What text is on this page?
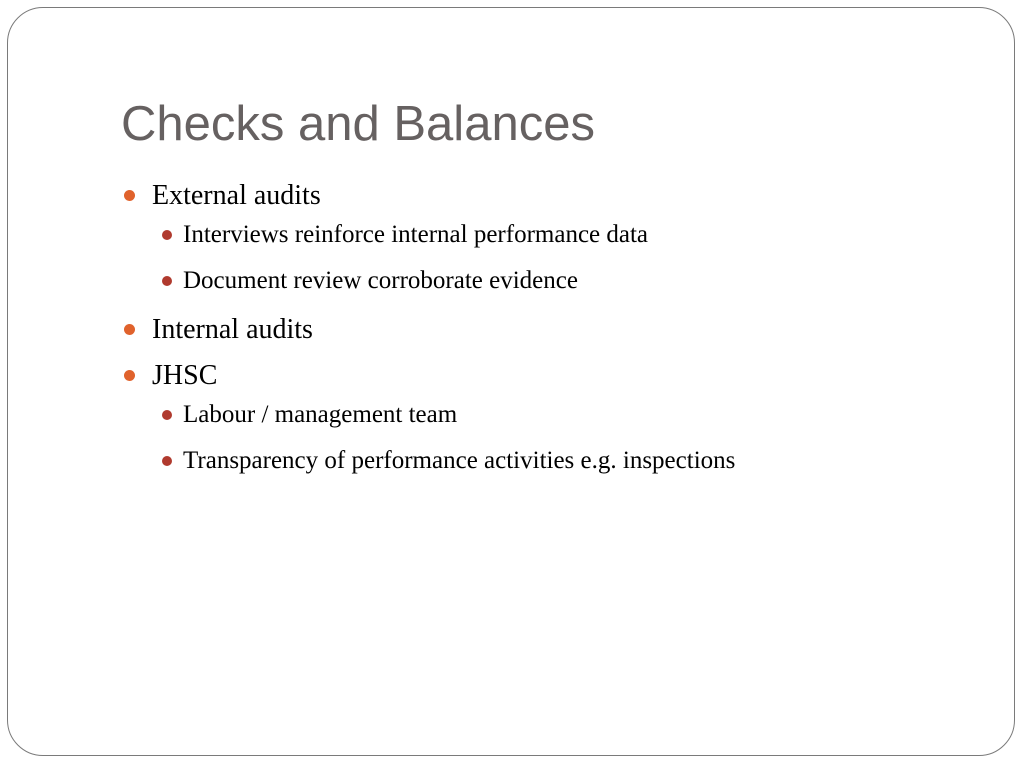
Checks and Balances
External audits
Interviews reinforce internal performance data
Document review corroborate evidence
Internal audits
JHSC
Labour / management team
Transparency of performance activities e.g. inspections
